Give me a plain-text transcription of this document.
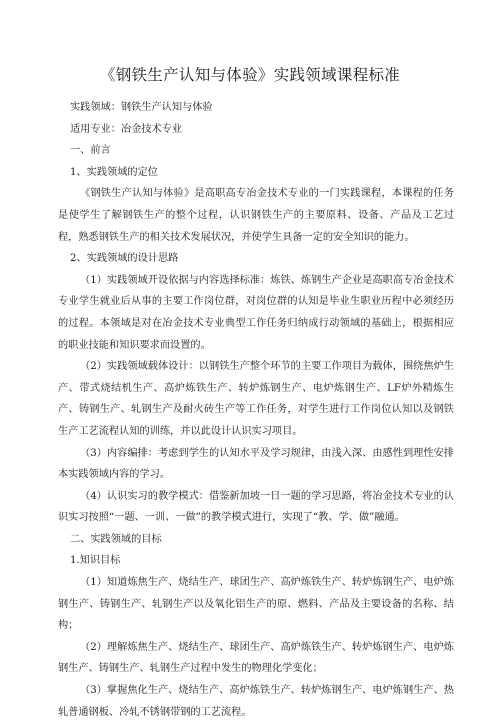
《钢铁生产认知与体验》实践领域课程标准

实践领域：钢铁生产认知与体验

适用专业：冶金技术专业

一、前言

1、实践领域的定位

《钢铁生产认知与体验》是高职高专冶金技术专业的一门实践课程，本课程的任务是使学生了解钢铁生产的整个过程，认识钢铁生产的主要原料、设备、产品及工艺过程，熟悉钢铁生产的相关技术发展状况，并使学生具备一定的安全知识的能力。

2、实践领域的设计思路

（1）实践领域开设依据与内容选择标准：炼铁、炼钢生产企业是高职高专冶金技术专业学生就业后从事的主要工作岗位群，对岗位群的认知是毕业生职业历程中必须经历的过程。本领域是对在冶金技术专业典型工作任务归纳成行动领域的基础上，根据相应的职业技能和知识要求而设置的。

（2）实践领域载体设计：以钢铁生产整个环节的主要工作项目为载体，围绕焦炉生产、带式烧结机生产、高炉炼铁生产、转炉炼钢生产、电炉炼钢生产、LF炉外精炼生产、铸钢生产、轧钢生产及耐火砖生产等工作任务，对学生进行工作岗位认知以及钢铁生产工艺流程认知的训练，并以此设计认识实习项目。

（3）内容编排：考虑到学生的认知水平及学习规律，由浅入深、由感性到理性安排本实践领域内容的学习。

（4）认识实习的教学模式：借鉴新加坡一日一题的学习思路，将冶金技术专业的认识实习按照“一题、一训、一做”的教学模式进行，实现了“教、学、做”融通。

二、实践领域的目标

1.知识目标

（1）知道炼焦生产、烧结生产、球团生产、高炉炼铁生产、转炉炼钢生产、电炉炼钢生产、铸钢生产、轧钢生产以及氧化铝生产的原、燃料、产品及主要设备的名称、结构；

（2）理解炼焦生产、烧结生产、球团生产、高炉炼铁生产、转炉炼钢生产、电炉炼钢生产、铸钢生产、轧钢生产过程中发生的物理化学变化；

（3）掌握焦化生产、烧结生产、高炉炼铁生产、转炉炼钢生产、电炉炼钢生产、热轧普通钢板、冷轧不锈钢带钢的工艺流程。
